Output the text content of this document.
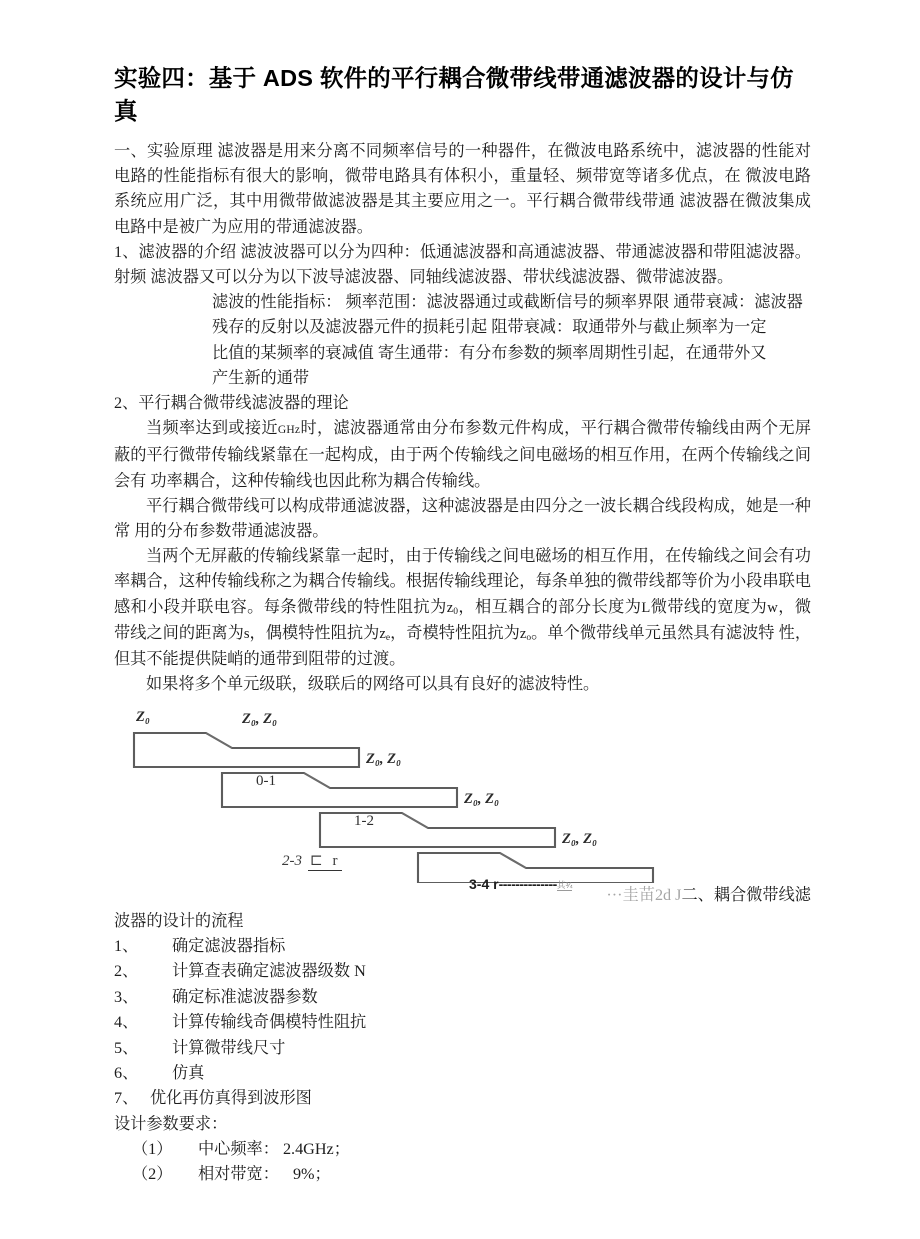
实验四：基于 ADS 软件的平行耦合微带线带通滤波器的设计与仿真

一、实验原理 滤波器是用来分离不同频率信号的一种器件，在微波电路系统中，滤波器的性能对 电路的性能指标有很大的影响，微带电路具有体积小，重量轻、频带宽等诸多优点，在 微波电路系统应用广泛，其中用微带做滤波器是其主要应用之一。平行耦合微带线带通 滤波器在微波集成电路中是被广为应用的带通滤波器。

1、滤波器的介绍 滤波波器可以分为四种：低通滤波器和高通滤波器、带通滤波器和带阻滤波器。射频 滤波器又可以分为以下波导滤波器、同轴线滤波器、带状线滤波器、微带滤波器。

滤波的性能指标： 频率范围：滤波器通过或截断信号的频率界限 通带衰减：滤波器
残存的反射以及滤波器元件的损耗引起 阻带衰减：取通带外与截止频率为一定
比值的某频率的衰减值 寄生通带：有分布参数的频率周期性引起，在通带外又
产生新的通带

2、平行耦合微带线滤波器的理论

当频率达到或接近GHz时，滤波器通常由分布参数元件构成，平行耦合微带传输线由两个无屏蔽的平行微带传输线紧靠在一起构成，由于两个传输线之间电磁场的相互作用，在两个传输线之间会有 功率耦合，这种传输线也因此称为耦合传输线。

平行耦合微带线可以构成带通滤波器，这种滤波器是由四分之一波长耦合线段构成，她是一种常 用的分布参数带通滤波器。

当两个无屏蔽的传输线紧靠一起时，由于传输线之间电磁场的相互作用，在传输线之间会有功率耦合，这种传输线称之为耦合传输线。根据传输线理论，每条单独的微带线都等价为小段串联电感和小段并联电容。每条微带线的特性阻抗为$z_0$，相互耦合的部分长度为L微带线的宽度为w，微 带线之间的距离为s，偶模特性阻抗为$z_e$，奇模特性阻抗为$z_o$。单个微带线单元虽然具有滤波特 性，但其不能提供陡峭的通带到阻带的过渡。

如果将多个单元级联，级联后的网络可以具有良好的滤波特性。

Z₀	Z₀, Z₀
Z₀, Z₀
Z₀, Z₀
Z₀, Z₀
0-1
1-2
2-3 ⊏ r
3-4 r--------------其¾

···圭苗2d J二、耦合微带线滤

波器的设计的流程

1、	确定滤波器指标
2、	计算查表确定滤波器级数 N
3、	确定标准滤波器参数
4、	计算传输线奇偶模特性阻抗
5、	计算微带线尺寸
6、	仿真
7、 优化再仿真得到波形图

设计参数要求：

（1） 中心频率： 2.4GHz；
（2） 相对带宽： 9%；
